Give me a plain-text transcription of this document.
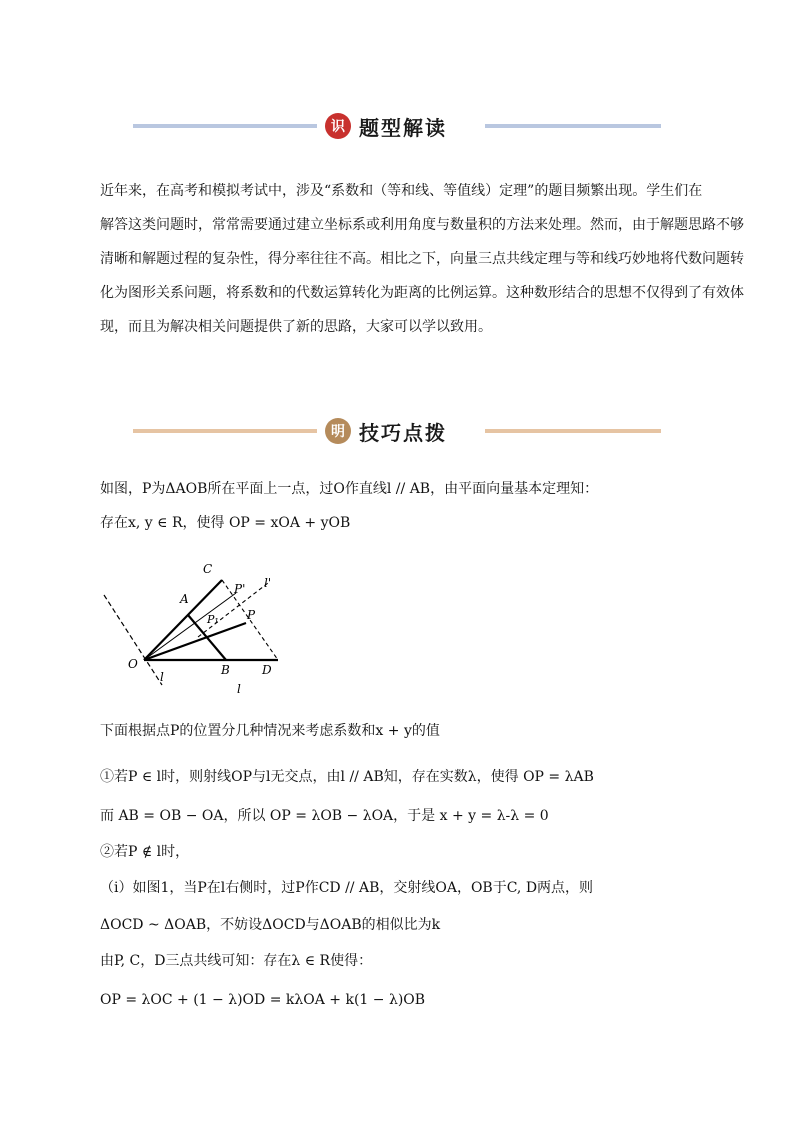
识 题型解读
近年来，在高考和模拟考试中，涉及“系数和（等和线、等值线）定理”的题目频繁出现。学生们在
解答这类问题时，常常需要通过建立坐标系或利用角度与数量积的方法来处理。然而，由于解题思路不够
清晰和解题过程的复杂性，得分率往往不高。相比之下，向量三点共线定理与等和线巧妙地将代数问题转
化为图形关系问题，将系数和的代数运算转化为距离的比例运算。这种数形结合的思想不仅得到了有效体
现，而且为解决相关问题提供了新的思路，大家可以学以致用。
明 技巧点拨
如图，P为ΔAOB所在平面上一点，过O作直线l // AB，由平面向量基本定理知：
存在x, y ∈ R，使得 OP = xOA + yOB
C
P' l'
A
P
P₁
O	B	D
l
l
下面根据点P的位置分几种情况来考虑系数和x + y的值
①若P ∈ l时，则射线OP与l无交点，由l // AB知，存在实数λ，使得 OP = λAB
而 AB = OB − OA，所以 OP = λOB − λOA，于是 x + y = λ-λ = 0
②若P ∉ l时，
（i）如图1，当P在l右侧时，过P作CD // AB，交射线OA，OB于C, D两点，则
ΔOCD ~ ΔOAB，不妨设ΔOCD与ΔOAB的相似比为k
由P, C，D三点共线可知：存在λ ∈ R使得：
OP = λOC + (1 − λ)OD = kλOA + k(1 − λ)OB
